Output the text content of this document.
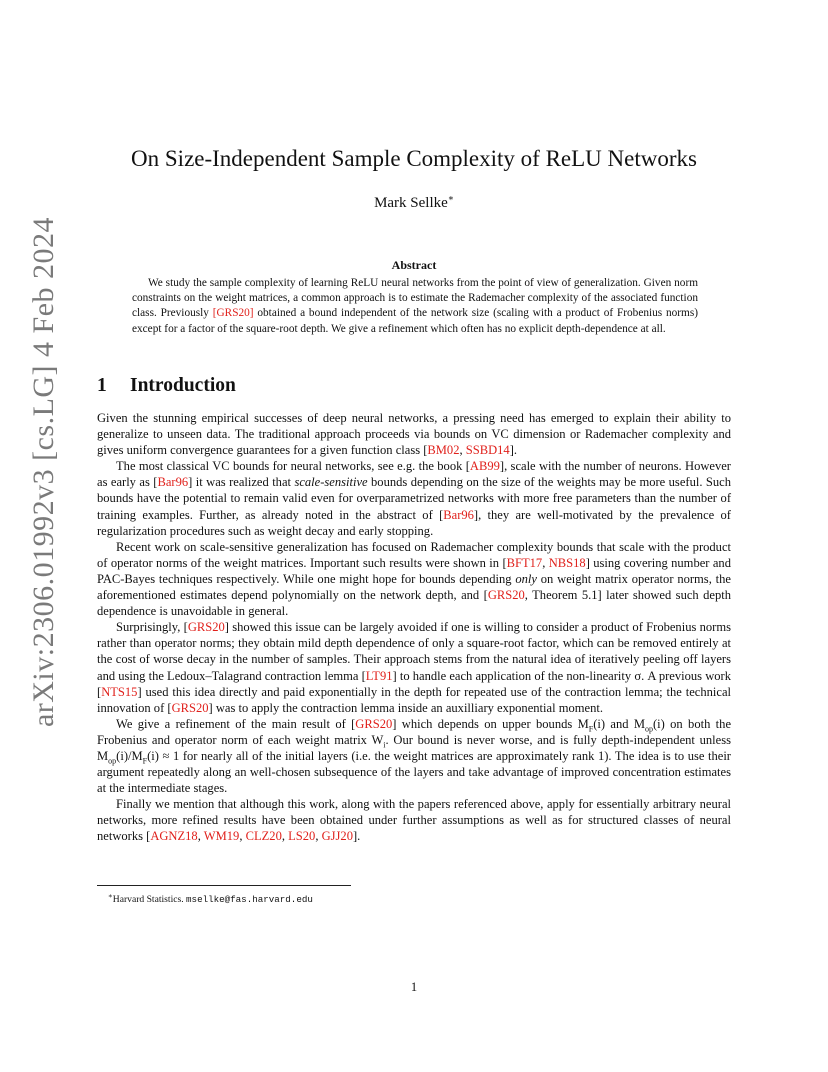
arXiv:2306.01992v3 [cs.LG] 4 Feb 2024
On Size-Independent Sample Complexity of ReLU Networks
Mark Sellke∗
Abstract
We study the sample complexity of learning ReLU neural networks from the point of view of generalization. Given norm constraints on the weight matrices, a common approach is to estimate the Rademacher complexity of the associated function class. Previously [GRS20] obtained a bound independent of the network size (scaling with a product of Frobenius norms) except for a factor of the square-root depth. We give a refinement which often has no explicit depth-dependence at all.
1 Introduction

Given the stunning empirical successes of deep neural networks, a pressing need has emerged to explain their ability to generalize to unseen data. The traditional approach proceeds via bounds on VC dimension or Rademacher complexity and gives uniform convergence guarantees for a given function class [BM02, SSBD14].

The most classical VC bounds for neural networks, see e.g. the book [AB99], scale with the number of neurons. However as early as [Bar96] it was realized that scale-sensitive bounds depending on the size of the weights may be more useful. Such bounds have the potential to remain valid even for overparametrized networks with more free parameters than the number of training examples. Further, as already noted in the abstract of [Bar96], they are well-motivated by the prevalence of regularization procedures such as weight decay and early stopping.

Recent work on scale-sensitive generalization has focused on Rademacher complexity bounds that scale with the product of operator norms of the weight matrices. Important such results were shown in [BFT17, NBS18] using covering number and PAC-Bayes techniques respectively. While one might hope for bounds depending only on weight matrix operator norms, the aforementioned estimates depend polynomially on the network depth, and [GRS20, Theorem 5.1] later showed such depth dependence is unavoidable in general.

Surprisingly, [GRS20] showed this issue can be largely avoided if one is willing to consider a product of Frobenius norms rather than operator norms; they obtain mild depth dependence of only a square-root factor, which can be removed entirely at the cost of worse decay in the number of samples. Their approach stems from the natural idea of iteratively peeling off layers and using the Ledoux–Talagrand contraction lemma [LT91] to handle each application of the non-linearity σ. A previous work [NTS15] used this idea directly and paid exponentially in the depth for repeated use of the contraction lemma; the technical innovation of [GRS20] was to apply the contraction lemma inside an auxilliary exponential moment.

We give a refinement of the main result of [GRS20] which depends on upper bounds $M_F(i)$ and $M_{op}(i)$ on both the Frobenius and operator norm of each weight matrix $W_i$. Our bound is never worse, and is fully depth-independent unless $M_{op}(i)/M_F(i) \approx 1$ for nearly all of the initial layers (i.e. the weight matrices are approximately rank 1). The idea is to use their argument repeatedly along an well-chosen subsequence of the layers and take advantage of improved concentration estimates at the intermediate stages.

Finally we mention that although this work, along with the papers referenced above, apply for essentially arbitrary neural networks, more refined results have been obtained under further assumptions as well as for structured classes of neural networks [AGNZ18, WM19, CLZ20, LS20, GJJ20].

∗Harvard Statistics. msellke@fas.harvard.edu
1
